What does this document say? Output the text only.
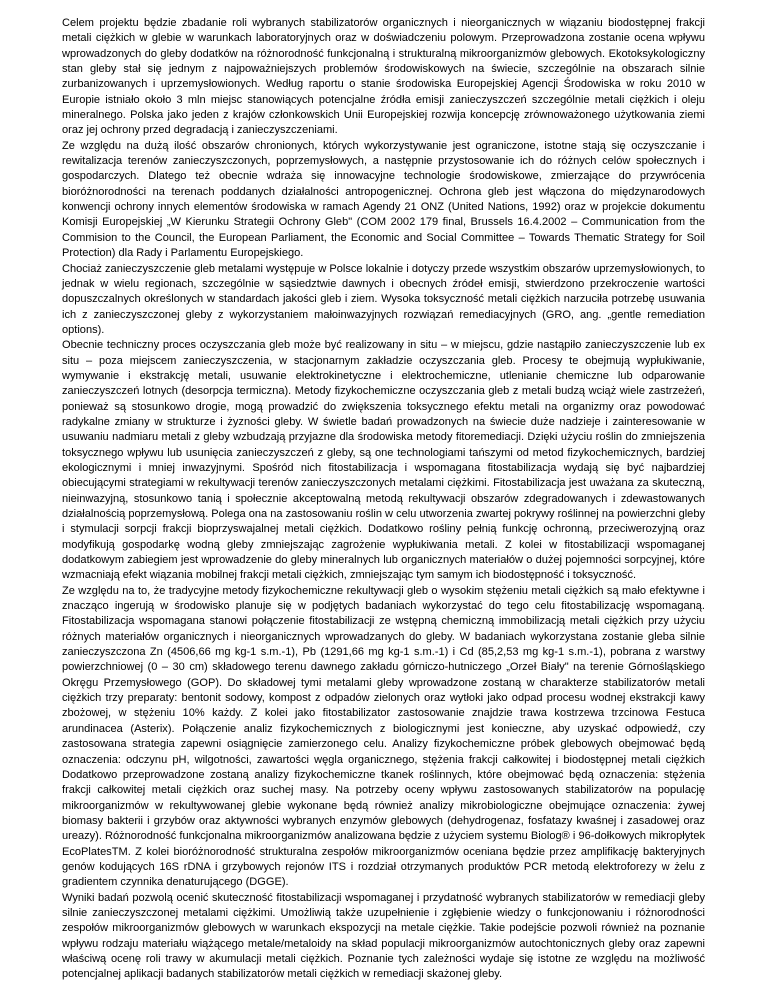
Celem projektu będzie zbadanie roli wybranych stabilizatorów organicznych i nieorganicznych w wiązaniu biodostępnej frakcji metali ciężkich w glebie w warunkach laboratoryjnych oraz w doświadczeniu polowym. Przeprowadzona zostanie ocena wpływu wprowadzonych do gleby dodatków na różnorodność funkcjonalną i strukturalną mikroorganizmów glebowych. Ekotoksykologiczny stan gleby stał się jednym z najpoważniejszych problemów środowiskowych na świecie, szczególnie na obszarach silnie zurbanizowanych i uprzemysłowionych. Według raportu o stanie środowiska Europejskiej Agencji Środowiska w roku 2010 w Europie istniało około 3 mln miejsc stanowiących potencjalne źródła emisji zanieczyszczeń szczególnie metali ciężkich i oleju mineralnego. Polska jako jeden z krajów członkowskich Unii Europejskiej rozwija koncepcję zrównoważonego użytkowania ziemi oraz jej ochrony przed degradacją i zanieczyszczeniami.

Ze względu na dużą ilość obszarów chronionych, których wykorzystywanie jest ograniczone, istotne stają się oczyszczanie i rewitalizacja terenów zanieczyszczonych, poprzemysłowych, a następnie przystosowanie ich do różnych celów społecznych i gospodarczych. Dlatego też obecnie wdraża się innowacyjne technologie środowiskowe, zmierzające do przywrócenia bioróżnorodności na terenach poddanych działalności antropogenicznej. Ochrona gleb jest włączona do międzynarodowych konwencji ochrony innych elementów środowiska w ramach Agendy 21 ONZ (United Nations, 1992) oraz w projekcie dokumentu Komisji Europejskiej „W Kierunku Strategii Ochrony Gleb" (COM 2002 179 final, Brussels 16.4.2002 – Communication from the Commision to the Council, the European Parliament, the Economic and Social Committee – Towards Thematic Strategy for Soil Protection) dla Rady i Parlamentu Europejskiego.

Chociaż zanieczyszczenie gleb metalami występuje w Polsce lokalnie i dotyczy przede wszystkim obszarów uprzemysłowionych, to jednak w wielu regionach, szczególnie w sąsiedztwie dawnych i obecnych źródeł emisji, stwierdzono przekroczenie wartości dopuszczalnych określonych w standardach jakości gleb i ziem. Wysoka toksyczność metali ciężkich narzuciła potrzebę usuwania ich z zanieczyszczonej gleby z wykorzystaniem małoinwazyjnych rozwiązań remediacyjnych (GRO, ang. „gentle remediation options).

Obecnie techniczny proces oczyszczania gleb może być realizowany in situ – w miejscu, gdzie nastąpiło zanieczyszczenie lub ex situ – poza miejscem zanieczyszczenia, w stacjonarnym zakładzie oczyszczania gleb. Procesy te obejmują wypłukiwanie, wymywanie i ekstrakcję metali, usuwanie elektrokinetyczne i elektrochemiczne, utlenianie chemiczne lub odparowanie zanieczyszczeń lotnych (desorpcja termiczna). Metody fizykochemiczne oczyszczania gleb z metali budzą wciąż wiele zastrzeżeń, ponieważ są stosunkowo drogie, mogą prowadzić do zwiększenia toksycznego efektu metali na organizmy oraz powodować radykalne zmiany w strukturze i żyzności gleby. W świetle badań prowadzonych na świecie duże nadzieje i zainteresowanie w usuwaniu nadmiaru metali z gleby wzbudzają przyjazne dla środowiska metody fitoremediacji. Dzięki użyciu roślin do zmniejszenia toksycznego wpływu lub usunięcia zanieczyszczeń z gleby, są one technologiami tańszymi od metod fizykochemicznych, bardziej ekologicznymi i mniej inwazyjnymi. Spośród nich fitostabilizacja i wspomagana fitostabilizacja wydają się być najbardziej obiecującymi strategiami w rekultywacji terenów zanieczyszczonych metalami ciężkimi. Fitostabilizacja jest uważana za skuteczną, nieinwazyjną, stosunkowo tanią i społecznie akceptowalną metodą rekultywacji obszarów zdegradowanych i zdewastowanych działalnością poprzemysłową. Polega ona na zastosowaniu roślin w celu utworzenia zwartej pokrywy roślinnej na powierzchni gleby i stymulacji sorpcji frakcji bioprzyswajalnej metali ciężkich. Dodatkowo rośliny pełnią funkcję ochronną, przeciwerozyjną oraz modyfikują gospodarkę wodną gleby zmniejszając zagrożenie wypłukiwania metali. Z kolei w fitostabilizacji wspomaganej dodatkowym zabiegiem jest wprowadzenie do gleby mineralnych lub organicznych materiałów o dużej pojemności sorpcyjnej, które wzmacniają efekt wiązania mobilnej frakcji metali ciężkich, zmniejszając tym samym ich biodostępność i toksyczność.

Ze względu na to, że tradycyjne metody fizykochemiczne rekultywacji gleb o wysokim stężeniu metali ciężkich są mało efektywne i znacząco ingerują w środowisko planuje się w podjętych badaniach wykorzystać do tego celu fitostabilizację wspomaganą. Fitostabilizacja wspomagana stanowi połączenie fitostabilizacji ze wstępną chemiczną immobilizacją metali ciężkich przy użyciu różnych materiałów organicznych i nieorganicznych wprowadzanych do gleby. W badaniach wykorzystana zostanie gleba silnie zanieczyszczona Zn (4506,66 mg kg-1 s.m.-1), Pb (1291,66 mg kg-1 s.m.-1) i Cd (85,2,53 mg kg-1 s.m.-1), pobrana z warstwy powierzchniowej (0 – 30 cm) składowego terenu dawnego zakładu górniczo-hutniczego „Orzeł Biały" na terenie Górnośląskiego Okręgu Przemysłowego (GOP). Do składowej tymi metalami gleby wprowadzone zostaną w charakterze stabilizatorów metali ciężkich trzy preparaty: bentonit sodowy, kompost z odpadów zielonych oraz wytłoki jako odpad procesu wodnej ekstrakcji kawy zbożowej, w stężeniu 10% każdy. Z kolei jako fitostabilizator zastosowanie znajdzie trawa kostrzewa trzcinowa Festuca arundinacea (Asterix). Połączenie analiz fizykochemicznych z biologicznymi jest konieczne, aby uzyskać odpowiedź, czy zastosowana strategia zapewni osiągnięcie zamierzonego celu. Analizy fizykochemiczne próbek glebowych obejmować będą oznaczenia: odczynu pH, wilgotności, zawartości węgla organicznego, stężenia frakcji całkowitej i biodostępnej metali ciężkich Dodatkowo przeprowadzone zostaną analizy fizykochemiczne tkanek roślinnych, które obejmować będą oznaczenia: stężenia frakcji całkowitej metali ciężkich oraz suchej masy. Na potrzeby oceny wpływu zastosowanych stabilizatorów na populację mikroorganizmów w rekultywowanej glebie wykonane będą również analizy mikrobiologiczne obejmujące oznaczenia: żywej biomasy bakterii i grzybów oraz aktywności wybranych enzymów glebowych (dehydrogenaz, fosfatazy kwaśnej i zasadowej oraz ureazy). Różnorodność funkcjonalna mikroorganizmów analizowana będzie z użyciem systemu Biolog® i 96-dołkowych mikropłytek EcoPlatesTM. Z kolei bioróżnorodność strukturalna zespołów mikroorganizmów oceniana będzie przez amplifikację bakteryjnych genów kodujących 16S rDNA i grzybowych rejonów ITS i rozdział otrzymanych produktów PCR metodą elektroforezy w żelu z gradientem czynnika denaturującego (DGGE).

Wyniki badań pozwolą ocenić skuteczność fitostabilizacji wspomaganej i przydatność wybranych stabilizatorów w remediacji gleby silnie zanieczyszczonej metalami ciężkimi. Umożliwią także uzupełnienie i zgłębienie wiedzy o funkcjonowaniu i różnorodności zespołów mikroorganizmów glebowych w warunkach ekspozycji na metale ciężkie. Takie podejście pozwoli również na poznanie wpływu rodzaju materiału wiążącego metale/metaloidy na skład populacji mikroorganizmów autochtonicznych gleby oraz zapewni właściwą ocenę roli trawy w akumulacji metali ciężkich. Poznanie tych zależności wydaje się istotne ze względu na możliwość potencjalnej aplikacji badanych stabilizatorów metali ciężkich w remediacji skażonej gleby.
